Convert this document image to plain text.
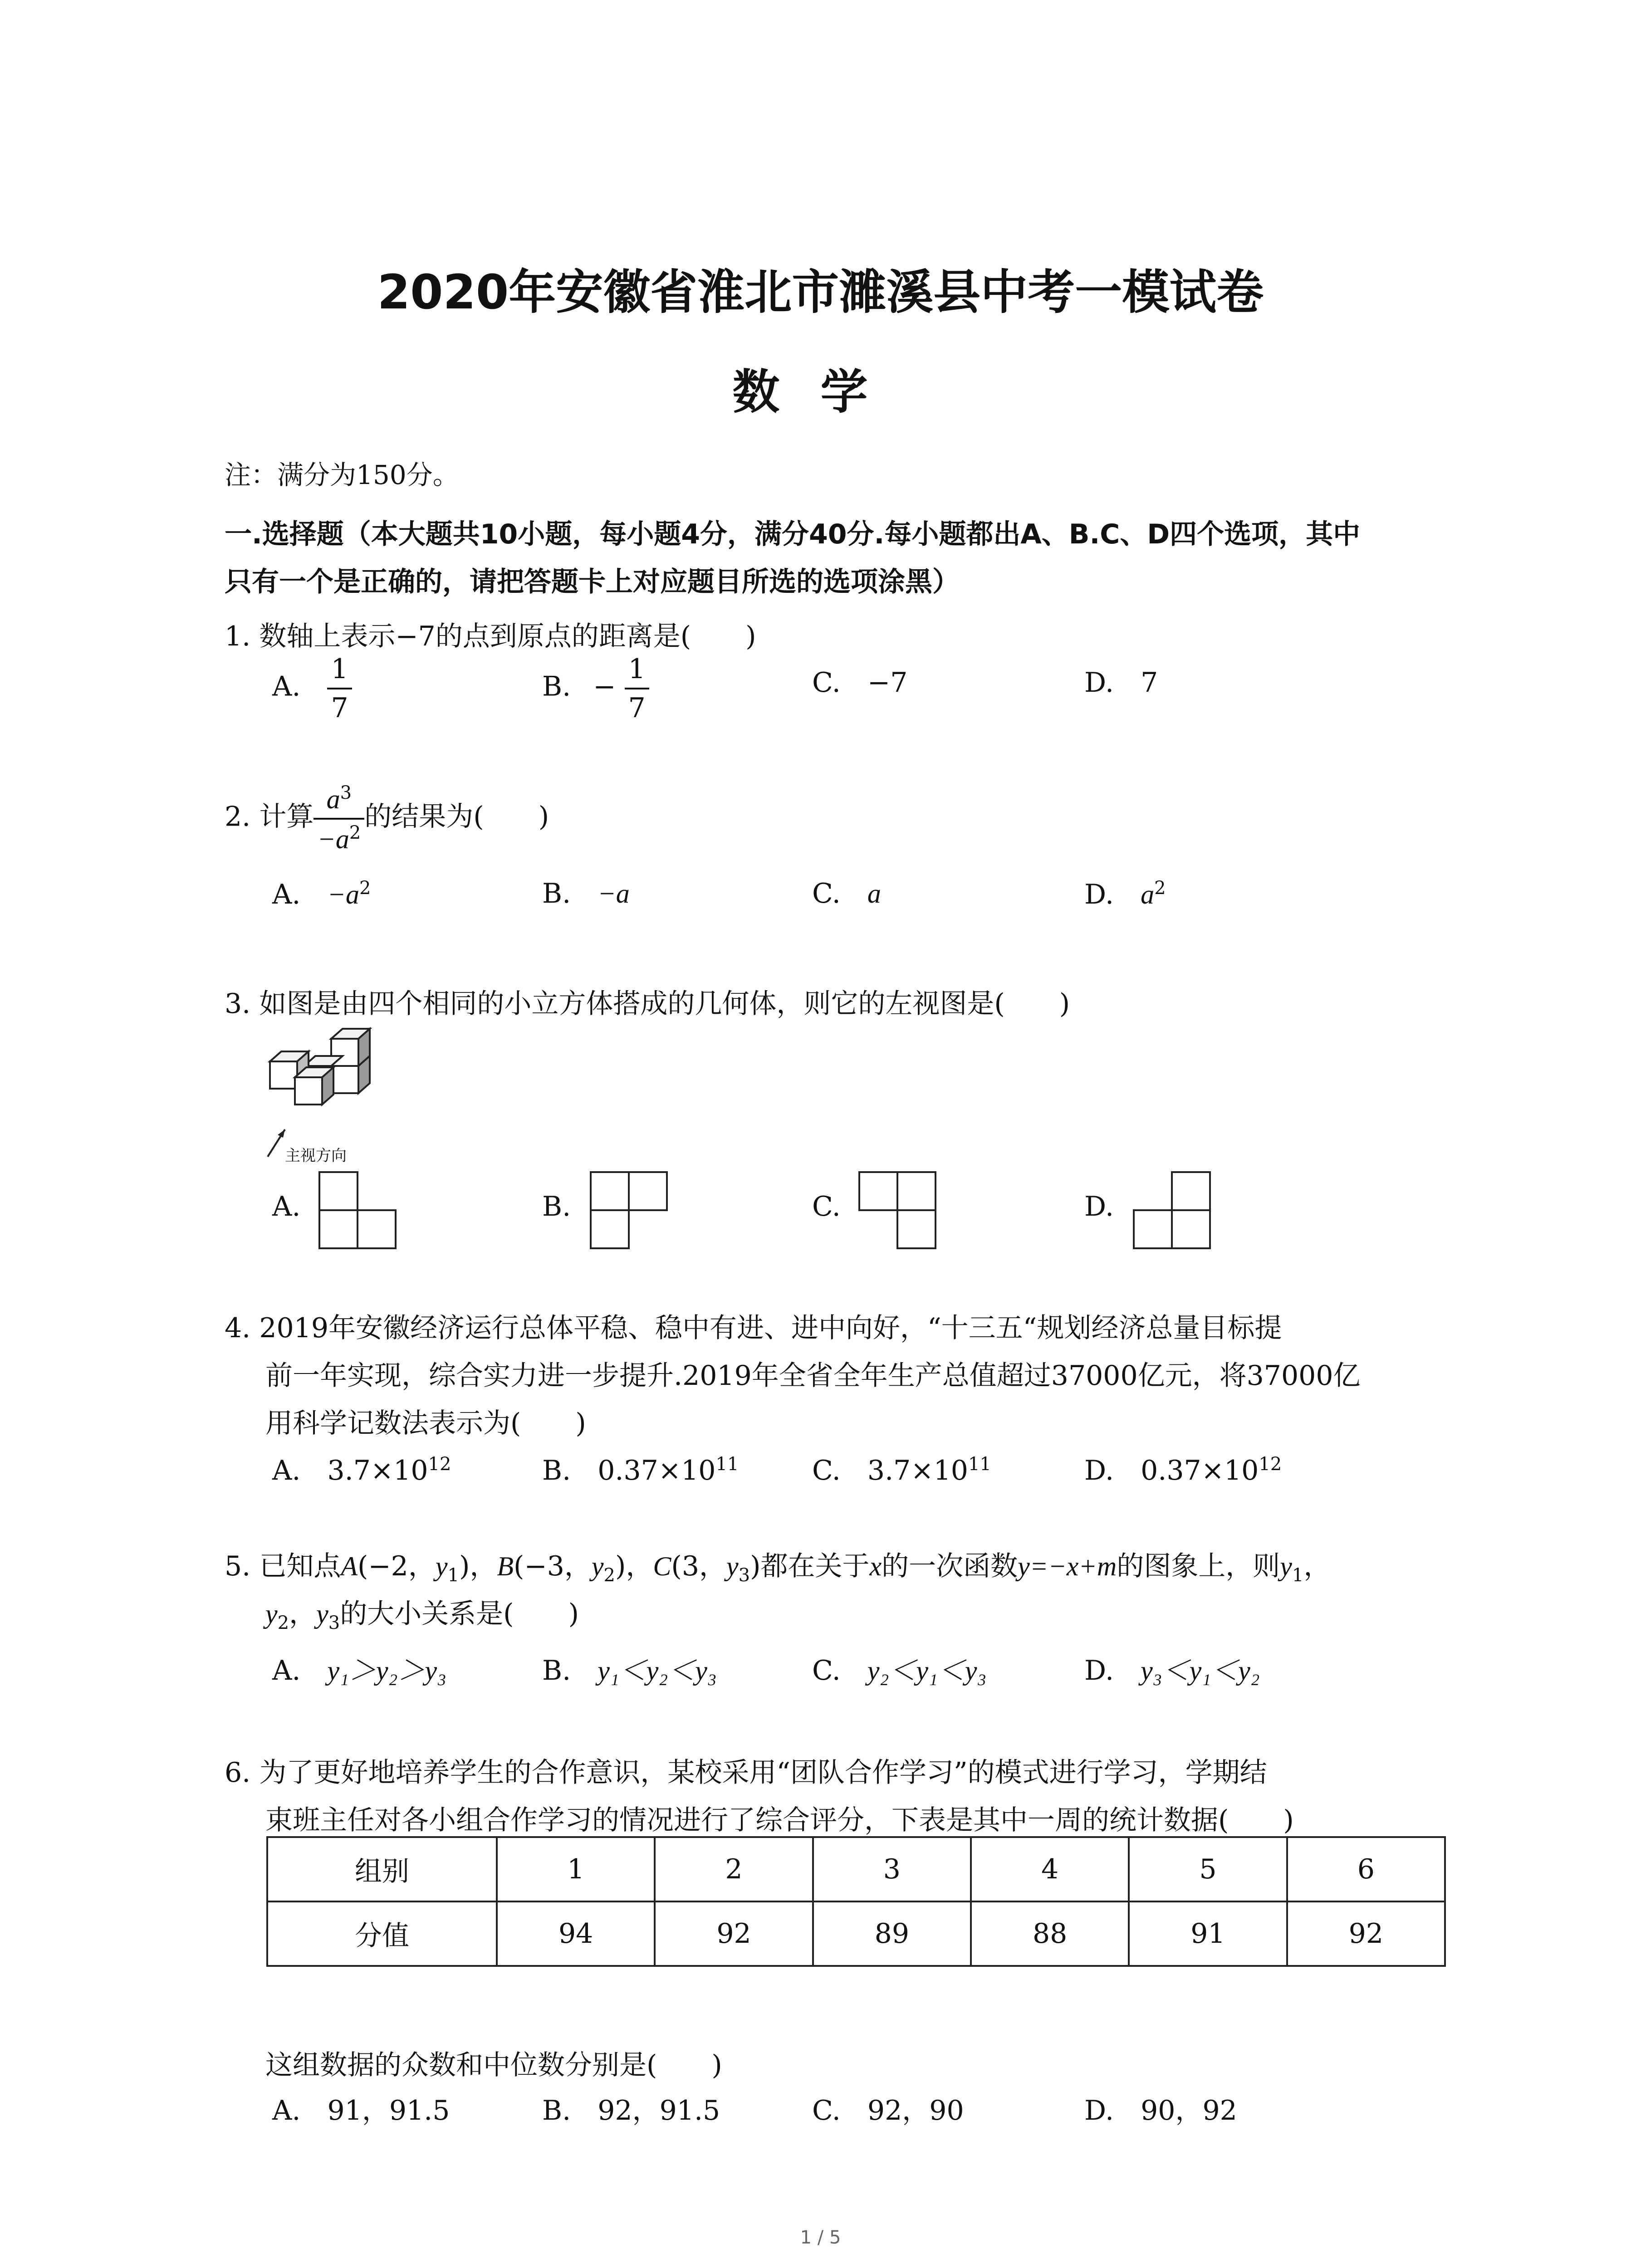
2020年安徽省淮北市濉溪县中考一模试卷
数学
注：满分为150分。
一.选择题（本大题共10小题，每小题4分，满分40分.每小题都出A、B.C、D四个选项，其中
只有一个是正确的，请把答题卡上对应题目所选的选项涂黑）
1. 数轴上表示−7的点到原点的距离是(　　)
A. $\frac{1}{7}$	B. − $\frac{1}{7}$	C. −7	D. 7
2. 计算 $\frac{a^3}{-a^2}$ 的结果为(　　)
A. $-a^2$	B. −a	C. a	D. $a^2$
3. 如图是由四个相同的小立方体搭成的几何体，则它的左视图是(　　)
主视方向
A.	B.	C.	D.
4. 2019年安徽经济运行总体平稳、稳中有进、进中向好，“十三五“规划经济总量目标提
前一年实现，综合实力进一步提升.2019年全省全年生产总值超过37000亿元，将37000亿
用科学记数法表示为(　　)
A. $3.7\times 10^{12}$	B. $0.37\times 10^{11}$	C. $3.7\times 10^{11}$	D. $0.37\times 10^{12}$
5. 已知点A(−2，$y_1$)，B(−3，$y_2$)，C(3，$y_3$)都在关于x的一次函数y=−x+m的图象上，则$y_1$，
$y_2$，$y_3$的大小关系是(　　)
A. y₁＞y₂＞y₃	B. y₁＜y₂＜y₃	C. y₂＜y₁＜y₃	D. y₃＜y₁＜y₂
6. 为了更好地培养学生的合作意识，某校采用“团队合作学习”的模式进行学习，学期结
束班主任对各小组合作学习的情况进行了综合评分，下表是其中一周的统计数据(　　)
组别	1	2	3	4	5	6
分值	94	92	89	88	91	92
这组数据的众数和中位数分别是(　　)
A. 91，91.5	B. 92，91.5	C. 92，90	D. 90，92
1 / 5
